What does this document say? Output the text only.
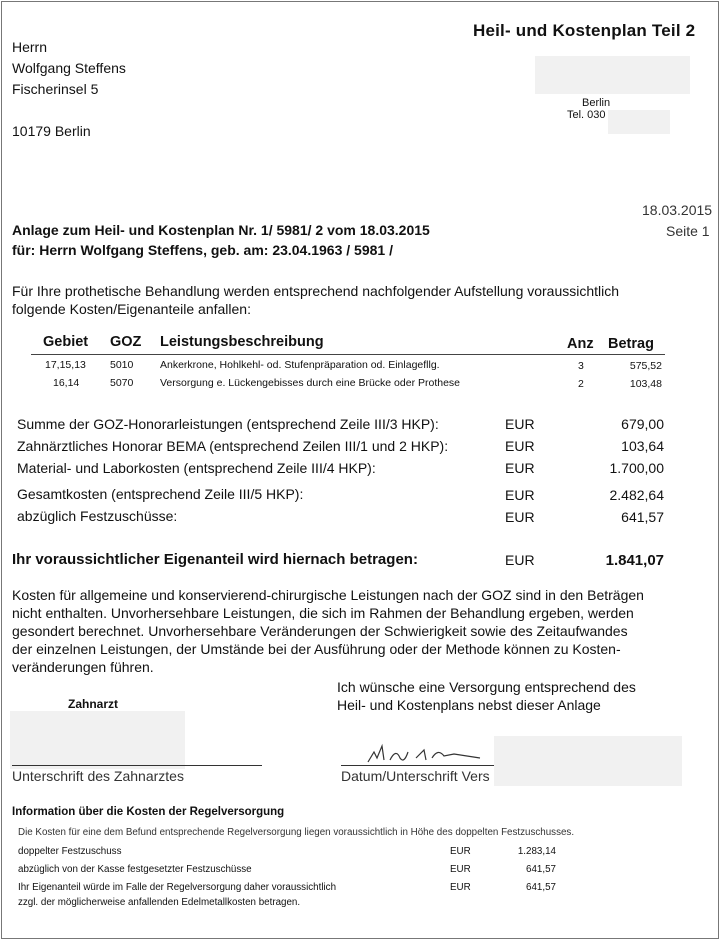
Heil- und Kostenplan Teil 2
Herrn
Wolfgang Steffens
Fischerinsel 5
10179 Berlin
Berlin
Tel. 030
18.03.2015
Seite 1
Anlage zum Heil- und Kostenplan Nr. 1/ 5981/ 2 vom 18.03.2015
für: Herrn Wolfgang Steffens, geb. am: 23.04.1963 / 5981 /
Für Ihre prothetische Behandlung werden entsprechend nachfolgender Aufstellung voraussichtlich
folgende Kosten/Eigenanteile anfallen:
Gebiet GOZ Leistungsbeschreibung	Anz Betrag
17,15,13 5010	Ankerkrone, Hohlkehl- od. Stufenpräparation od. Einlagefllg.	3	575,52
16,14	5070	Versorgung e. Lückengebisses durch eine Brücke oder Prothese	2	103,48
Summe der GOZ-Honorarleistungen (entsprechend Zeile III/3 HKP):	EUR	679,00
Zahnärztliches Honorar BEMA (entsprechend Zeilen III/1 und 2 HKP):	EUR	103,64
Material- und Laborkosten (entsprechend Zeile III/4 HKP):	EUR	1.700,00
Gesamtkosten (entsprechend Zeile III/5 HKP):	EUR	2.482,64
abzüglich Festzuschüsse:	EUR	641,57
Ihr voraussichtlicher Eigenanteil wird hiernach betragen:	EUR	1.841,07
Kosten für allgemeine und konservierend-chirurgische Leistungen nach der GOZ sind in den Beträgen
nicht enthalten. Unvorhersehbare Leistungen, die sich im Rahmen der Behandlung ergeben, werden
gesondert berechnet. Unvorhersehbare Veränderungen der Schwierigkeit sowie des Zeitaufwandes
der einzelnen Leistungen, der Umstände bei der Ausführung oder der Methode können zu Kosten-
veränderungen führen.
Ich wünsche eine Versorgung entsprechend des
Heil- und Kostenplans nebst dieser Anlage
Zahnarzt
Unterschrift des Zahnarztes	Datum/Unterschrift Vers
Information über die Kosten der Regelversorgung
Die Kosten für eine dem Befund entsprechende Regelversorgung liegen voraussichtlich in Höhe des doppelten Festzuschusses.
doppelter Festzuschuss	EUR	1.283,14
abzüglich von der Kasse festgesetzter Festzuschüsse	EUR	641,57
Ihr Eigenanteil würde im Falle der Regelversorgung daher voraussichtlich	EUR	641,57
zzgl. der möglicherweise anfallenden Edelmetallkosten betragen.
